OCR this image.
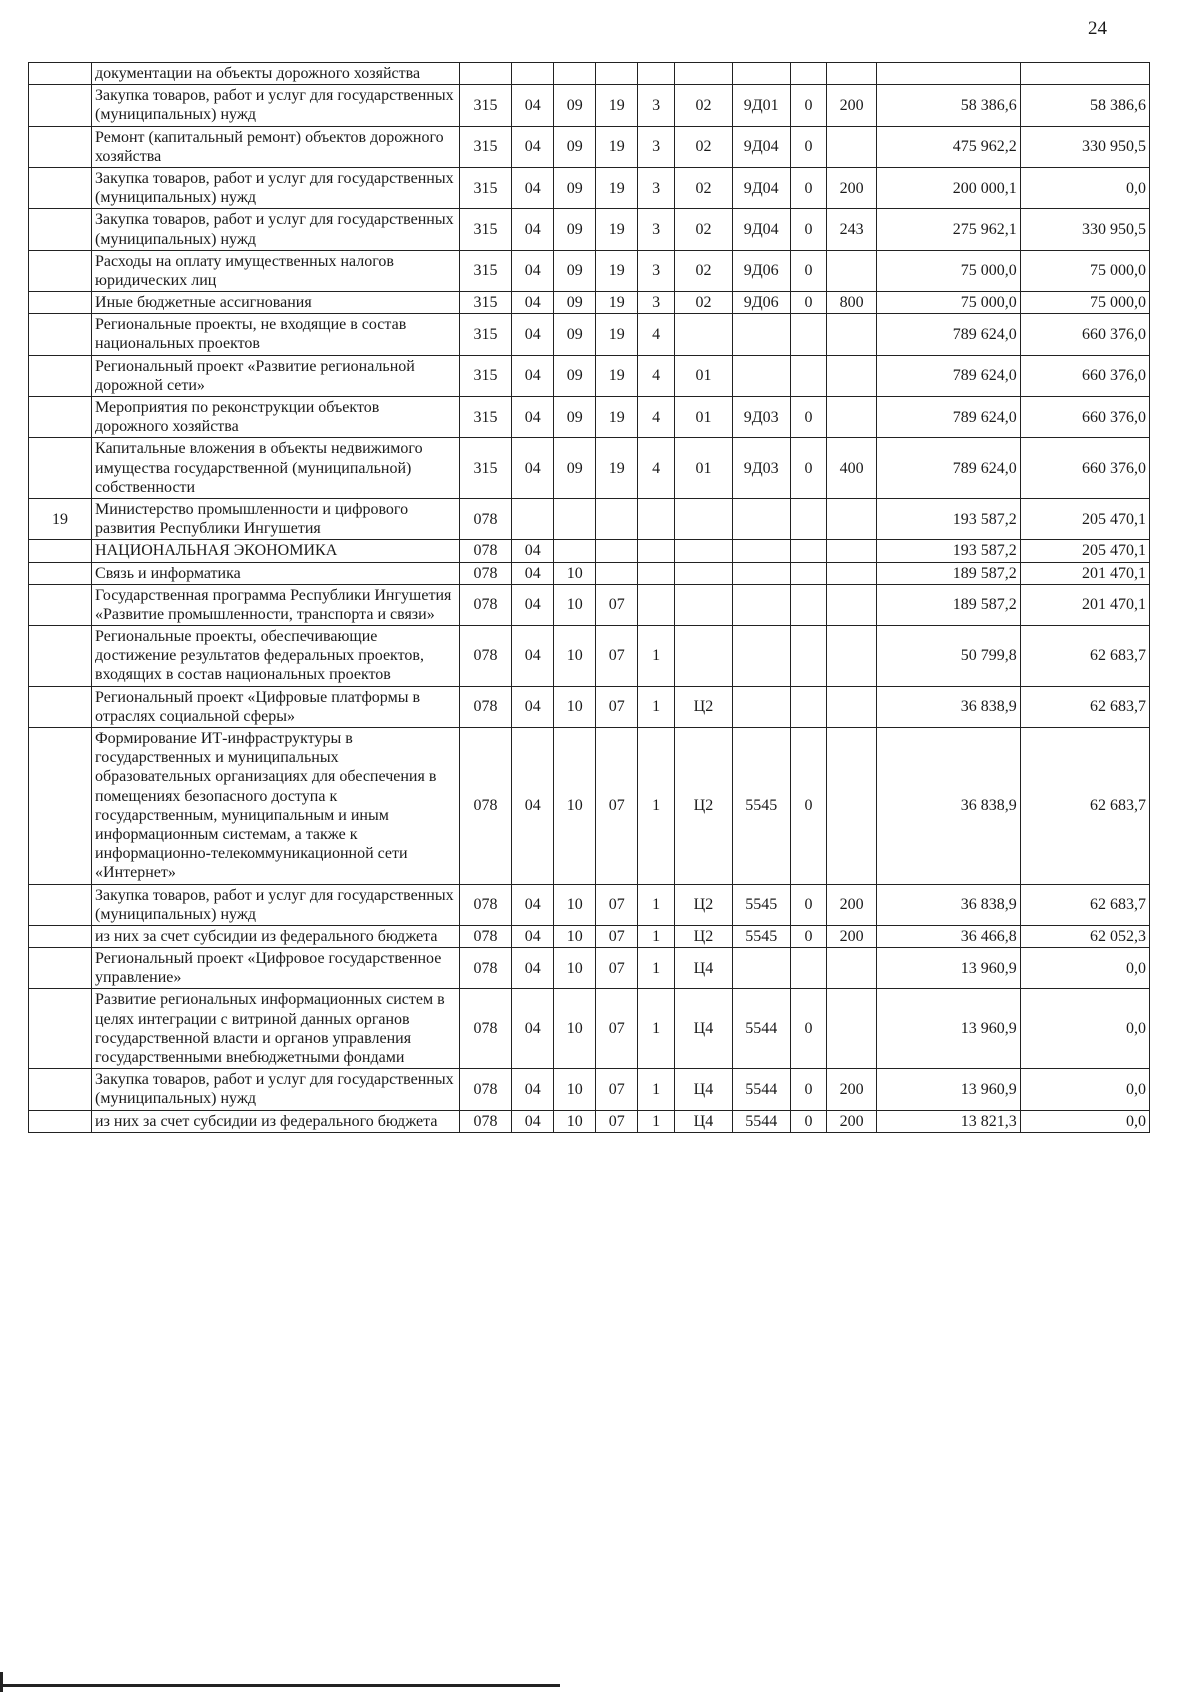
24
	документации на объекты дорожного хозяйства											
	Закупка товаров, работ и услуг для государственных (муниципальных) нужд	315	04	09	19	3	02	9Д01	0	200	58 386,6	58 386,6
	Ремонт (капитальный ремонт) объектов дорожного хозяйства	315	04	09	19	3	02	9Д04	0		475 962,2	330 950,5
	Закупка товаров, работ и услуг для государственных (муниципальных) нужд	315	04	09	19	3	02	9Д04	0	200	200 000,1	0,0
	Закупка товаров, работ и услуг для государственных (муниципальных) нужд	315	04	09	19	3	02	9Д04	0	243	275 962,1	330 950,5
	Расходы на оплату имущественных налогов юридических лиц	315	04	09	19	3	02	9Д06	0		75 000,0	75 000,0
	Иные бюджетные ассигнования	315	04	09	19	3	02	9Д06	0	800	75 000,0	75 000,0
	Региональные проекты, не входящие в состав национальных проектов	315	04	09	19	4					789 624,0	660 376,0
	Региональный проект «Развитие региональной дорожной сети»	315	04	09	19	4	01				789 624,0	660 376,0
	Мероприятия по реконструкции объектов дорожного хозяйства	315	04	09	19	4	01	9Д03	0		789 624,0	660 376,0
	Капитальные вложения в объекты недвижимого имущества государственной (муниципальной) собственности	315	04	09	19	4	01	9Д03	0	400	789 624,0	660 376,0
19	Министерство промышленности и цифрового развития Республики Ингушетия	078									193 587,2	205 470,1
	НАЦИОНАЛЬНАЯ ЭКОНОМИКА	078	04								193 587,2	205 470,1
	Связь и информатика	078	04	10							189 587,2	201 470,1
	Государственная программа Республики Ингушетия «Развитие промышленности, транспорта и связи»	078	04	10	07						189 587,2	201 470,1
	Региональные проекты, обеспечивающие достижение результатов федеральных проектов, входящих в состав национальных проектов	078	04	10	07	1					50 799,8	62 683,7
	Региональный проект «Цифровые платформы в отраслях социальной сферы»	078	04	10	07	1	Ц2				36 838,9	62 683,7
	Формирование ИТ-инфраструктуры в государственных и муниципальных образовательных организациях для обеспечения в помещениях безопасного доступа к государственным, муниципальным и иным информационным системам, а также к информационно-телекоммуникационной сети «Интернет»	078	04	10	07	1	Ц2	5545	0		36 838,9	62 683,7
	Закупка товаров, работ и услуг для государственных (муниципальных) нужд	078	04	10	07	1	Ц2	5545	0	200	36 838,9	62 683,7
	из них за счет субсидии из федерального бюджета	078	04	10	07	1	Ц2	5545	0	200	36 466,8	62 052,3
	Региональный проект «Цифровое государственное управление»	078	04	10	07	1	Ц4				13 960,9	0,0
	Развитие региональных информационных систем в целях интеграции с витриной данных органов государственной власти и органов управления государственными внебюджетными фондами	078	04	10	07	1	Ц4	5544	0		13 960,9	0,0
	Закупка товаров, работ и услуг для государственных (муниципальных) нужд	078	04	10	07	1	Ц4	5544	0	200	13 960,9	0,0
	из них за счет субсидии из федерального бюджета	078	04	10	07	1	Ц4	5544	0	200	13 821,3	0,0
